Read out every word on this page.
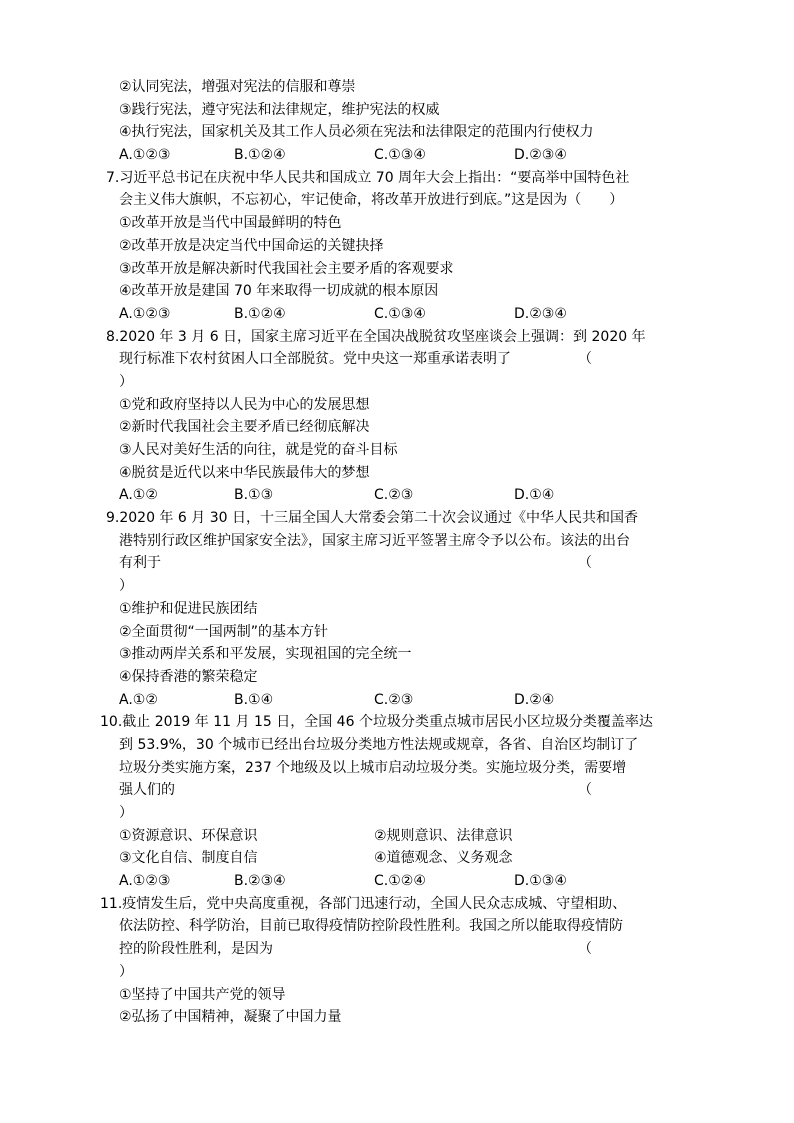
②认同宪法，增强对宪法的信服和尊崇
③践行宪法，遵守宪法和法律规定，维护宪法的权威
④执行宪法，国家机关及其工作人员必须在宪法和法律限定的范围内行使权力
A.①②③	B.①②④	C.①③④	D.②③④
7.习近平总书记在庆祝中华人民共和国成立 70 周年大会上指出：“要高举中国特色社
会主义伟大旗帜，不忘初心，牢记使命，将改革开放进行到底。”这是因为（　　）
①改革开放是当代中国最鲜明的特色
②改革开放是决定当代中国命运的关键抉择
③改革开放是解决新时代我国社会主要矛盾的客观要求
④改革开放是建国 70 年来取得一切成就的根本原因
A.①②③	B.①②④	C.①③④	D.②③④
8.2020 年 3 月 6 日，国家主席习近平在全国决战脱贫攻坚座谈会上强调：到 2020 年
现行标准下农村贫困人口全部脱贫。党中央这一郑重承诺表明了	（
）
①党和政府坚持以人民为中心的发展思想
②新时代我国社会主要矛盾已经彻底解决
③人民对美好生活的向往，就是党的奋斗目标
④脱贫是近代以来中华民族最伟大的梦想
A.①②	B.①③	C.②③	D.①④
9.2020 年 6 月 30 日，十三届全国人大常委会第二十次会议通过《中华人民共和国香
港特别行政区维护国家安全法》，国家主席习近平签署主席令予以公布。该法的出台
有利于	（
）
①维护和促进民族团结
②全面贯彻“一国两制”的基本方针
③推动两岸关系和平发展，实现祖国的完全统一
④保持香港的繁荣稳定
A.①②	B.①④	C.②③	D.②④
10.截止 2019 年 11 月 15 日，全国 46 个垃圾分类重点城市居民小区垃圾分类覆盖率达
到 53.9%，30 个城市已经出台垃圾分类地方性法规或规章，各省、自治区均制订了
垃圾分类实施方案，237 个地级及以上城市启动垃圾分类。实施垃圾分类，需要增
强人们的	（
）
①资源意识、环保意识	②规则意识、法律意识
③文化自信、制度自信	④道德观念、义务观念
A.①②③	B.②③④	C.①②④	D.①③④
11.疫情发生后，党中央高度重视，各部门迅速行动，全国人民众志成城、守望相助、
依法防控、科学防治，目前已取得疫情防控阶段性胜利。我国之所以能取得疫情防
控的阶段性胜利，是因为	（
）
①坚持了中国共产党的领导
②弘扬了中国精神，凝聚了中国力量
